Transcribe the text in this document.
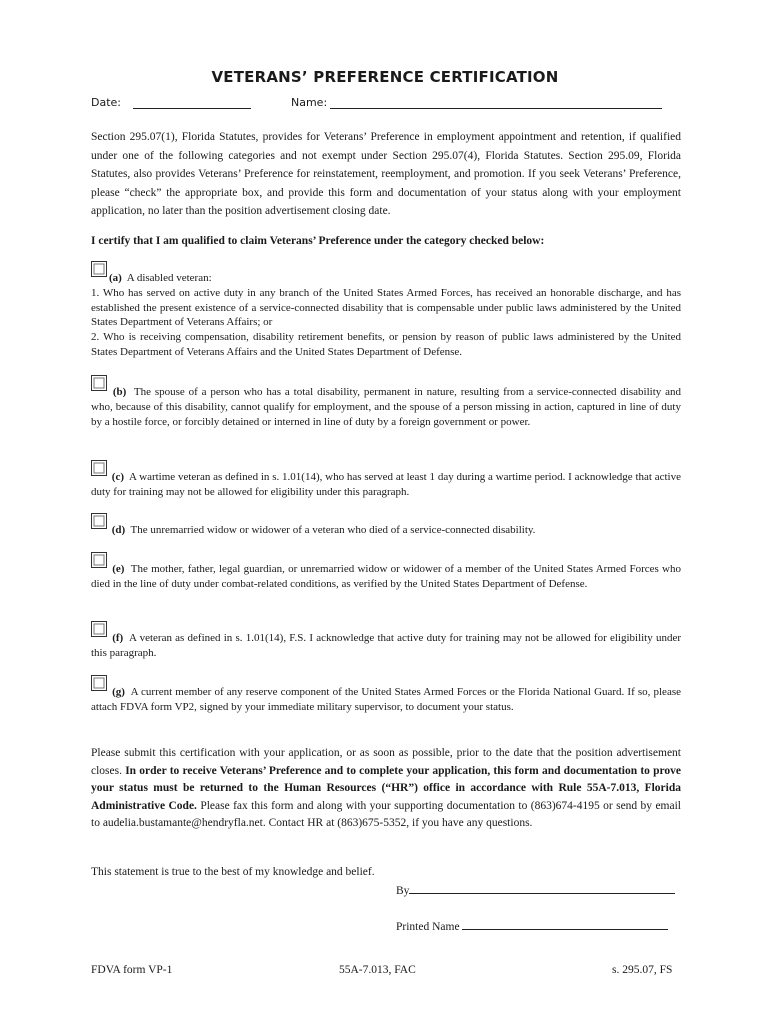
VETERANS’ PREFERENCE CERTIFICATION
Date:	Name:
Section 295.07(1), Florida Statutes, provides for Veterans’ Preference in employment appointment and retention, if qualified under one of the following categories and not exempt under Section 295.07(4), Florida Statutes. Section 295.09, Florida Statutes, also provides Veterans’ Preference for reinstatement, reemployment, and promotion. If you seek Veterans’ Preference, please “check” the appropriate box, and provide this form and documentation of your status along with your employment application, no later than the position advertisement closing date.
I certify that I am qualified to claim Veterans’ Preference under the category checked below:
(a) A disabled veteran:
1. Who has served on active duty in any branch of the United States Armed Forces, has received an honorable discharge, and has established the present existence of a service-connected disability that is compensable under public laws administered by the United States Department of Veterans Affairs; or
2. Who is receiving compensation, disability retirement benefits, or pension by reason of public laws administered by the United States Department of Veterans Affairs and the United States Department of Defense.
(b) The spouse of a person who has a total disability, permanent in nature, resulting from a service-connected disability and who, because of this disability, cannot qualify for employment, and the spouse of a person missing in action, captured in line of duty by a hostile force, or forcibly detained or interned in line of duty by a foreign government or power.
(c) A wartime veteran as defined in s. 1.01(14), who has served at least 1 day during a wartime period. I acknowledge that active duty for training may not be allowed for eligibility under this paragraph.
(d) The unremarried widow or widower of a veteran who died of a service-connected disability.
(e) The mother, father, legal guardian, or unremarried widow or widower of a member of the United States Armed Forces who died in the line of duty under combat-related conditions, as verified by the United States Department of Defense.
(f) A veteran as defined in s. 1.01(14), F.S. I acknowledge that active duty for training may not be allowed for eligibility under this paragraph.
(g) A current member of any reserve component of the United States Armed Forces or the Florida National Guard. If so, please attach FDVA form VP2, signed by your immediate military supervisor, to document your status.
Please submit this certification with your application, or as soon as possible, prior to the date that the position advertisement closes. In order to receive Veterans’ Preference and to complete your application, this form and documentation to prove your status must be returned to the Human Resources (“HR”) office in accordance with Rule 55A-7.013, Florida Administrative Code. Please fax this form and along with your supporting documentation to (863)674-4195 or send by email to audelia.bustamante@hendryfla.net. Contact HR at (863)675-5352, if you have any questions.
This statement is true to the best of my knowledge and belief.
By
Printed Name
FDVA form VP-1	55A-7.013, FAC	s. 295.07, FS
